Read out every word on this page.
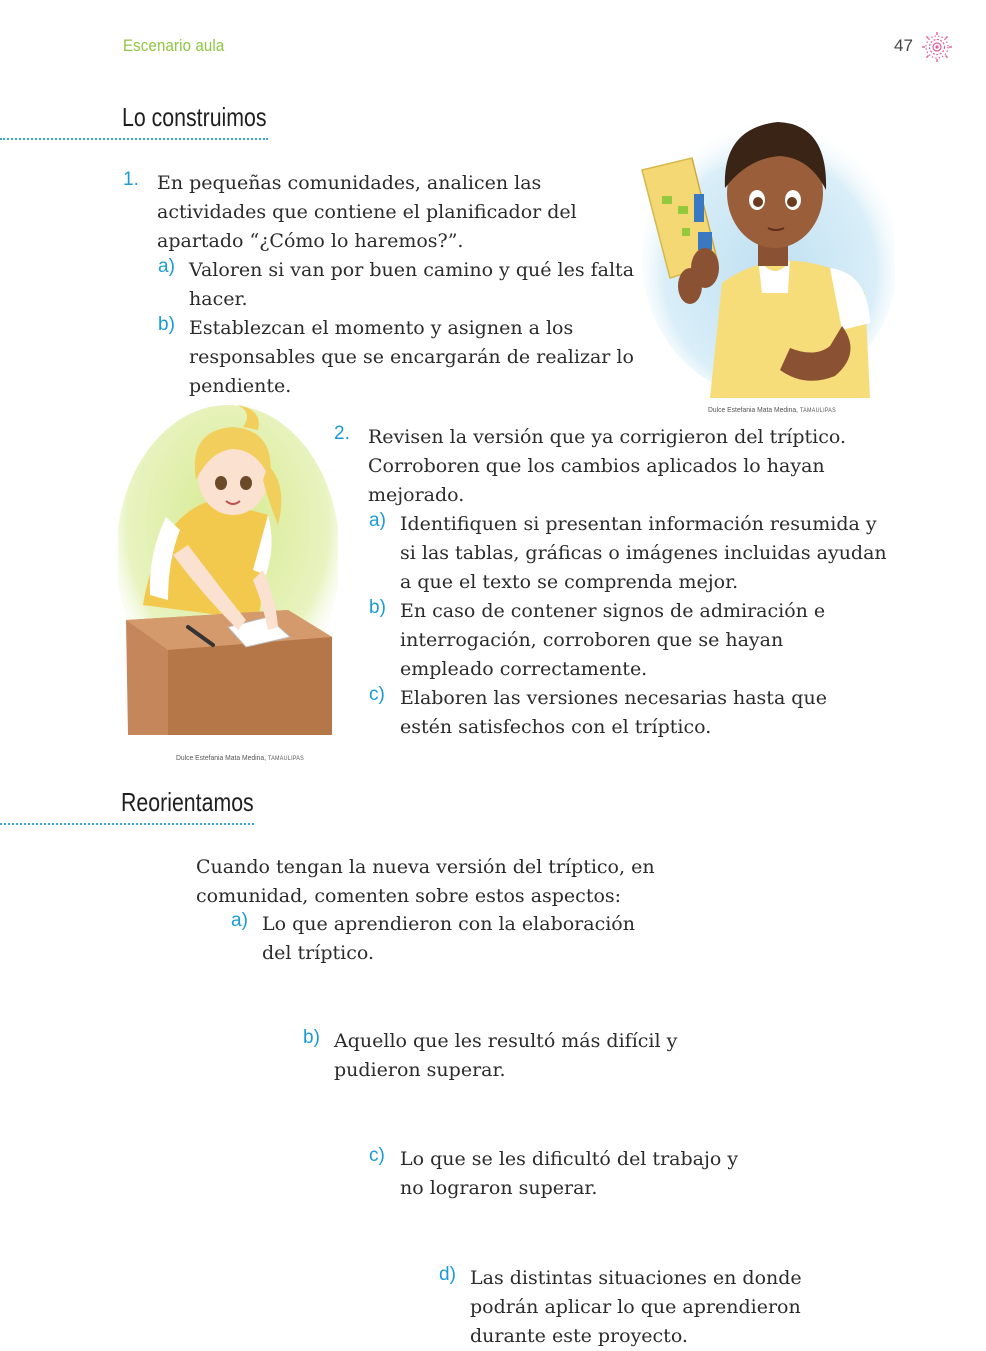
Escenario aula	47
Lo construimos
Dulce Estefania Mata Medina, TAMAULIPAS
1. En pequeñas comunidades, analicen las actividades que contiene el planificador del apartado “¿Cómo lo haremos?”.

a) Valoren si van por buen camino y qué les falta hacer.

b) Establezcan el momento y asignen a los responsables que se encargarán de realizar lo pendiente.

Dulce Estefania Mata Medina, TAMAULIPAS
2. Revisen la versión que ya corrigieron del tríptico. Corroboren que los cambios aplicados lo hayan mejorado.

a) Identifiquen si presentan información resumida y si las tablas, gráficas o imágenes incluidas ayudan a que el texto se comprenda mejor.

b) En caso de contener signos de admiración e interrogación, corroboren que se hayan empleado correctamente.

c) Elaboren las versiones necesarias hasta que estén satisfechos con el tríptico.

Reorientamos

Cuando tengan la nueva versión del tríptico, en comunidad, comenten sobre estos aspectos:

a) Lo que aprendieron con la elaboración del tríptico.

b) Aquello que les resultó más difícil y pudieron superar.

c) Lo que se les dificultó del trabajo y no lograron superar.

d) Las distintas situaciones en donde podrán aplicar lo que aprendieron durante este proyecto.
